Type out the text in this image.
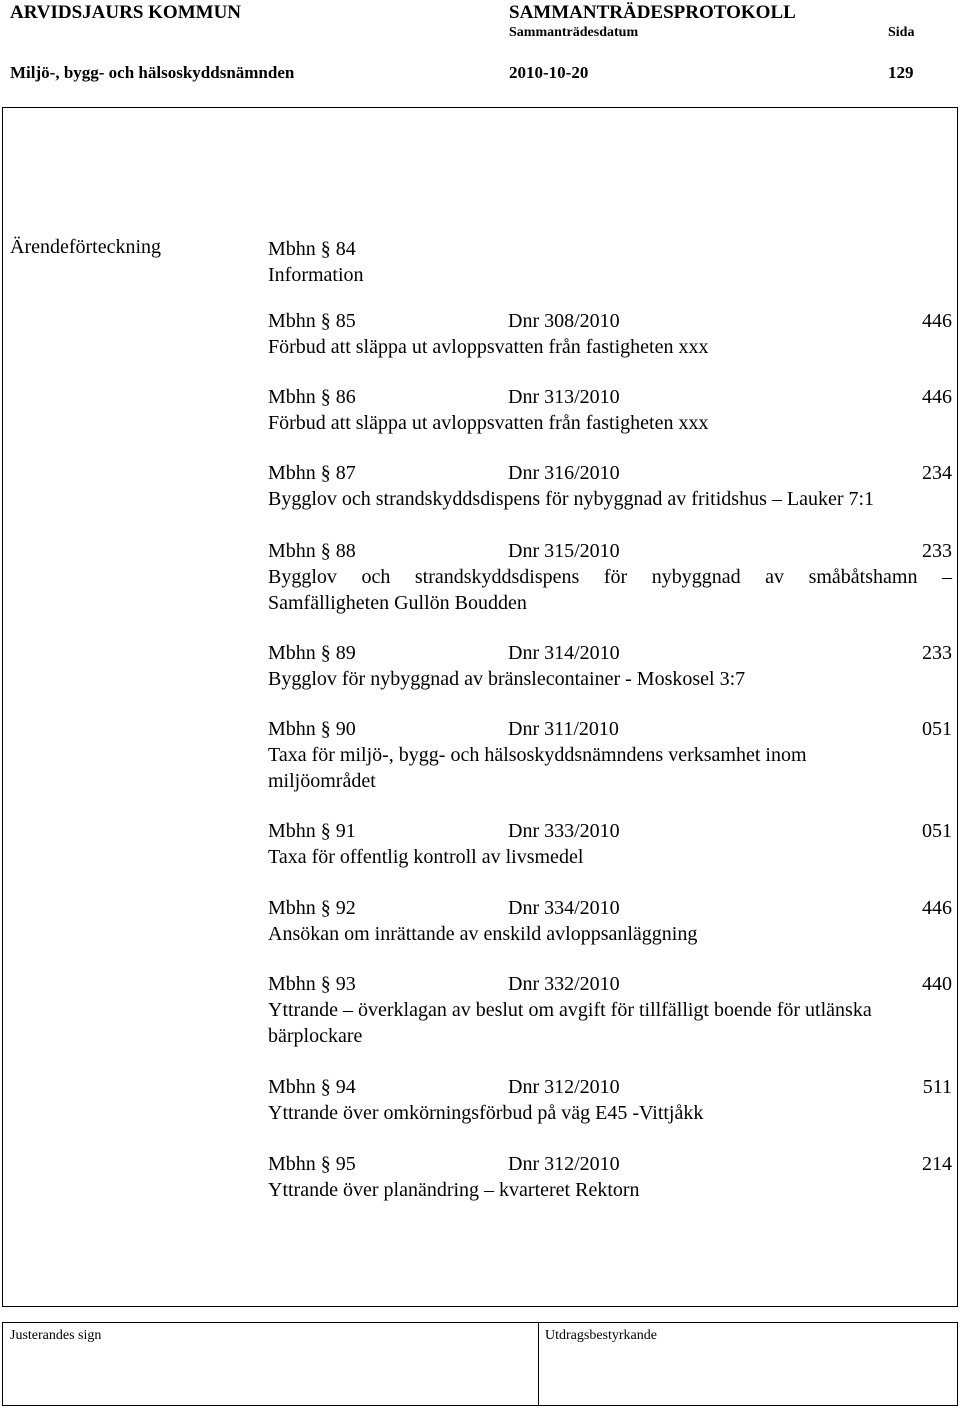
ARVIDSJAURS KOMMUN	SAMMANTRÄDESPROTOKOLL
Sammanträdesdatum	Sida
Miljö-, bygg- och hälsoskyddsnämnden	2010-10-20	129
Ärendeförteckning	Mbhn § 84
Information
Mbhn § 85	Dnr 308/2010	446
Förbud att släppa ut avloppsvatten från fastigheten xxx
Mbhn § 86	Dnr 313/2010	446
Förbud att släppa ut avloppsvatten från fastigheten xxx
Mbhn § 87	Dnr 316/2010	234
Bygglov och strandskyddsdispens för nybyggnad av fritidshus – Lauker 7:1
Mbhn § 88	Dnr 315/2010	233
Bygglov och strandskyddsdispens för nybyggnad av småbåtshamn –
Samfälligheten Gullön Boudden
Mbhn § 89	Dnr 314/2010	233
Bygglov för nybyggnad av bränslecontainer - Moskosel 3:7
Mbhn § 90	Dnr 311/2010	051
Taxa för miljö-, bygg- och hälsoskyddsnämndens verksamhet inom
miljöområdet
Mbhn § 91	Dnr 333/2010	051
Taxa för offentlig kontroll av livsmedel
Mbhn § 92	Dnr 334/2010	446
Ansökan om inrättande av enskild avloppsanläggning
Mbhn § 93	Dnr 332/2010	440
Yttrande – överklagan av beslut om avgift för tillfälligt boende för utlänska
bärplockare
Mbhn § 94	Dnr 312/2010	511
Yttrande över omkörningsförbud på väg E45 -Vittjåkk
Mbhn § 95	Dnr 312/2010	214
Yttrande över planändring – kvarteret Rektorn
Justerandes sign	Utdragsbestyrkande
